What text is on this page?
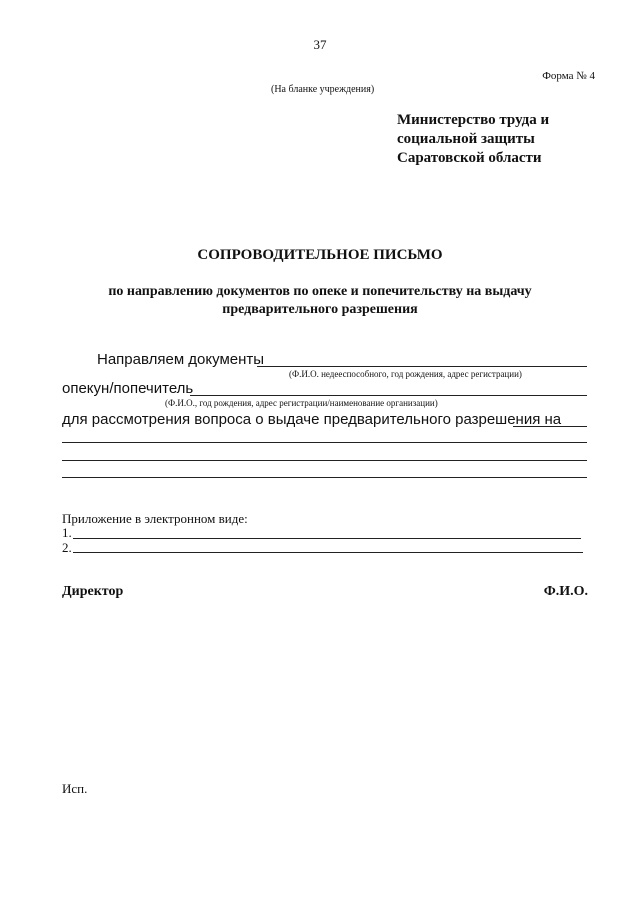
37
Форма № 4
(На бланке учреждения)
Министерство труда и
социальной защиты
Саратовской области
СОПРОВОДИТЕЛЬНОЕ ПИСЬМО
по направлению документов по опеке и попечительству на выдачу
предварительного разрешения
Направляем документы
(Ф.И.О. недееспособного, год рождения, адрес регистрации)
опекун/попечитель
(Ф.И.О., год рождения, адрес регистрации/наименование организации)
для рассмотрения вопроса о выдаче предварительного разрешения на
Приложение в электронном виде:
1.
2.
Директор	Ф.И.О.
Исп.
